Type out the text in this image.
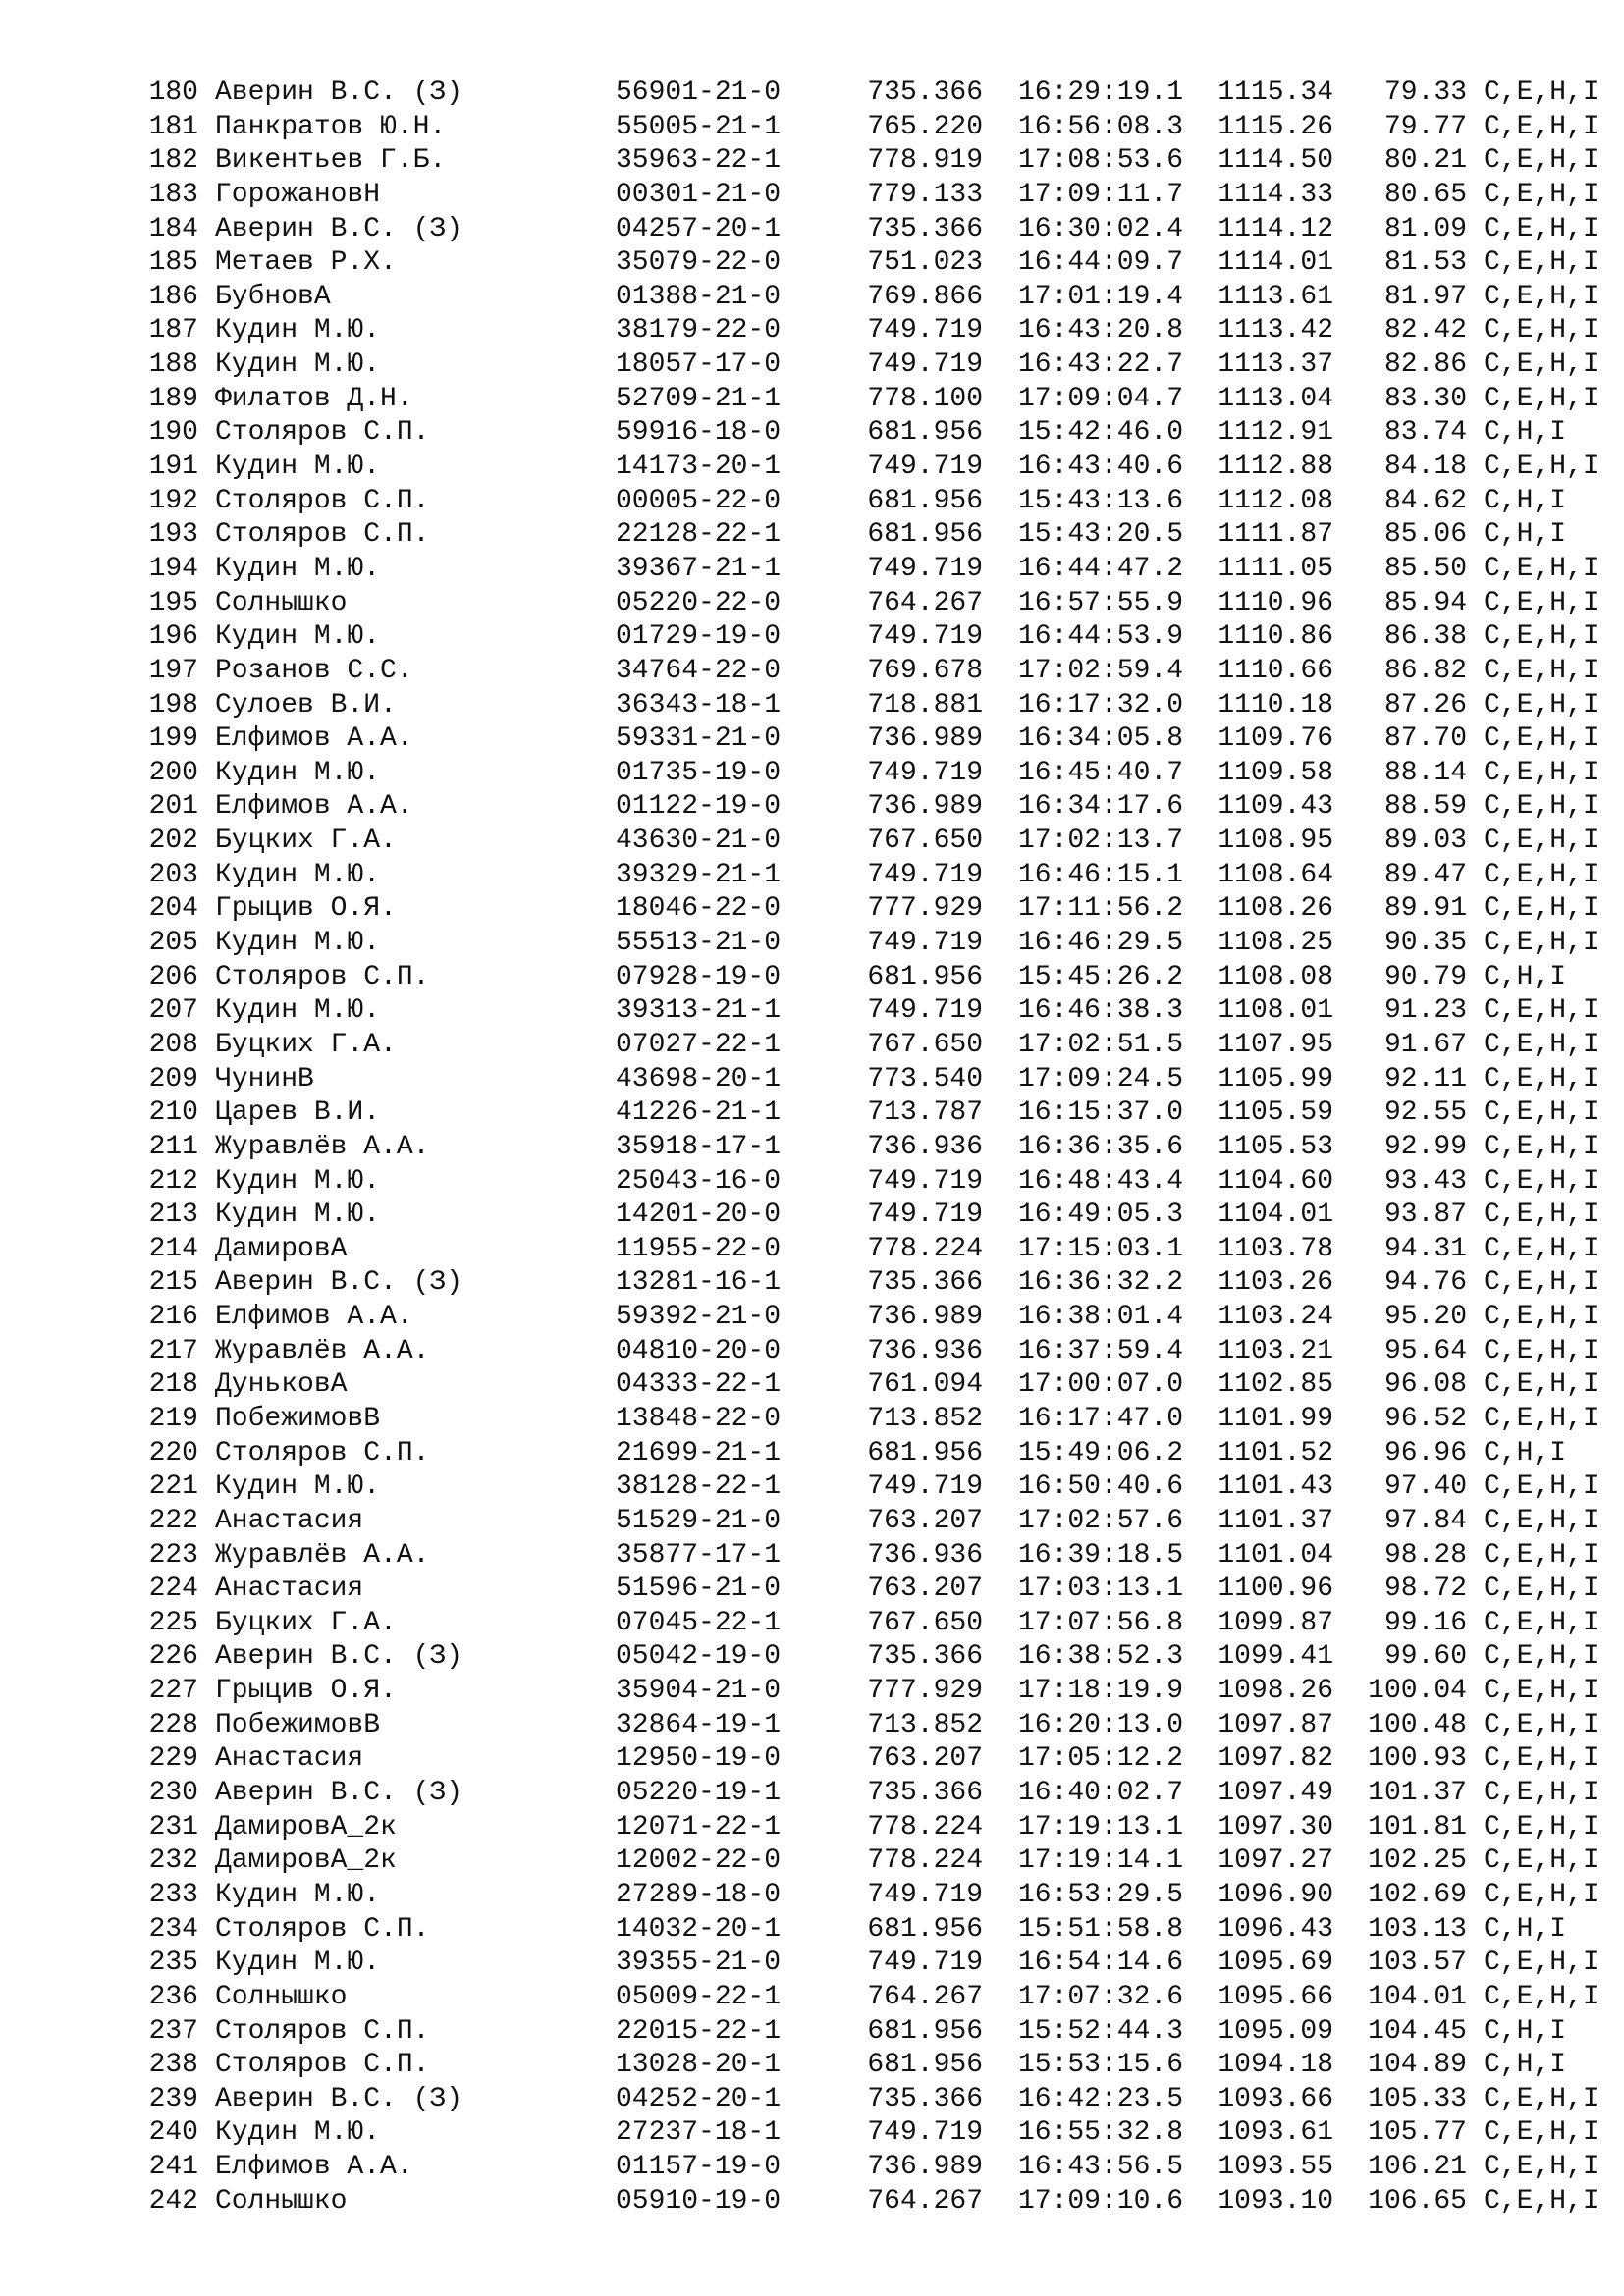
180 Аверин В.С. (З)	56901-21-0	735.366 16:29:19.1 1115.34 79.33 C,E,H,I
181 Панкратов Ю.Н.	55005-21-1	765.220 16:56:08.3 1115.26 79.77 C,E,H,I
182 Викентьев Г.Б.	35963-22-1	778.919 17:08:53.6 1114.50 80.21 C,E,H,I
183 ГорожановН	00301-21-0	779.133 17:09:11.7 1114.33 80.65 C,E,H,I
184 Аверин В.С. (З)	04257-20-1	735.366 16:30:02.4 1114.12 81.09 C,E,H,I
185 Метаев Р.Х.	35079-22-0	751.023 16:44:09.7 1114.01 81.53 C,E,H,I
186 БубновА	01388-21-0	769.866 17:01:19.4 1113.61 81.97 C,E,H,I
187 Кудин М.Ю.	38179-22-0	749.719 16:43:20.8 1113.42 82.42 C,E,H,I
188 Кудин М.Ю.	18057-17-0	749.719 16:43:22.7 1113.37 82.86 C,E,H,I
189 Филатов Д.Н.	52709-21-1	778.100 17:09:04.7 1113.04 83.30 C,E,H,I
190 Столяров С.П.	59916-18-0	681.956 15:42:46.0 1112.91 83.74 C,H,I
191 Кудин М.Ю.	14173-20-1	749.719 16:43:40.6 1112.88 84.18 C,E,H,I
192 Столяров С.П.	00005-22-0	681.956 15:43:13.6 1112.08 84.62 C,H,I
193 Столяров С.П.	22128-22-1	681.956 15:43:20.5 1111.87 85.06 C,H,I
194 Кудин М.Ю.	39367-21-1	749.719 16:44:47.2 1111.05 85.50 C,E,H,I
195 Солнышко	05220-22-0	764.267 16:57:55.9 1110.96 85.94 C,E,H,I
196 Кудин М.Ю.	01729-19-0	749.719 16:44:53.9 1110.86 86.38 C,E,H,I
197 Розанов С.С.	34764-22-0	769.678 17:02:59.4 1110.66 86.82 C,E,H,I
198 Сулоев В.И.	36343-18-1	718.881 16:17:32.0 1110.18 87.26 C,E,H,I
199 Елфимов А.А.	59331-21-0	736.989 16:34:05.8 1109.76 87.70 C,E,H,I
200 Кудин М.Ю.	01735-19-0	749.719 16:45:40.7 1109.58 88.14 C,E,H,I
201 Елфимов А.А.	01122-19-0	736.989 16:34:17.6 1109.43 88.59 C,E,H,I
202 Буцких Г.А.	43630-21-0	767.650 17:02:13.7 1108.95 89.03 C,E,H,I
203 Кудин М.Ю.	39329-21-1	749.719 16:46:15.1 1108.64 89.47 C,E,H,I
204 Грыцив О.Я.	18046-22-0	777.929 17:11:56.2 1108.26 89.91 C,E,H,I
205 Кудин М.Ю.	55513-21-0	749.719 16:46:29.5 1108.25 90.35 C,E,H,I
206 Столяров С.П.	07928-19-0	681.956 15:45:26.2 1108.08 90.79 C,H,I
207 Кудин М.Ю.	39313-21-1	749.719 16:46:38.3 1108.01 91.23 C,E,H,I
208 Буцких Г.А.	07027-22-1	767.650 17:02:51.5 1107.95 91.67 C,E,H,I
209 ЧунинВ	43698-20-1	773.540 17:09:24.5 1105.99 92.11 C,E,H,I
210 Царев В.И.	41226-21-1	713.787 16:15:37.0 1105.59 92.55 C,E,H,I
211 Журавлёв А.А.	35918-17-1	736.936 16:36:35.6 1105.53 92.99 C,E,H,I
212 Кудин М.Ю.	25043-16-0	749.719 16:48:43.4 1104.60 93.43 C,E,H,I
213 Кудин М.Ю.	14201-20-0	749.719 16:49:05.3 1104.01 93.87 C,E,H,I
214 ДамировА	11955-22-0	778.224 17:15:03.1 1103.78 94.31 C,E,H,I
215 Аверин В.С. (З)	13281-16-1	735.366 16:36:32.2 1103.26 94.76 C,E,H,I
216 Елфимов А.А.	59392-21-0	736.989 16:38:01.4 1103.24 95.20 C,E,H,I
217 Журавлёв А.А.	04810-20-0	736.936 16:37:59.4 1103.21 95.64 C,E,H,I
218 ДуньковА	04333-22-1	761.094 17:00:07.0 1102.85 96.08 C,E,H,I
219 ПобежимовВ	13848-22-0	713.852 16:17:47.0 1101.99 96.52 C,E,H,I
220 Столяров С.П.	21699-21-1	681.956 15:49:06.2 1101.52 96.96 C,H,I
221 Кудин М.Ю.	38128-22-1	749.719 16:50:40.6 1101.43 97.40 C,E,H,I
222 Анастасия	51529-21-0	763.207 17:02:57.6 1101.37 97.84 C,E,H,I
223 Журавлёв А.А.	35877-17-1	736.936 16:39:18.5 1101.04 98.28 C,E,H,I
224 Анастасия	51596-21-0	763.207 17:03:13.1 1100.96 98.72 C,E,H,I
225 Буцких Г.А.	07045-22-1	767.650 17:07:56.8 1099.87 99.16 C,E,H,I
226 Аверин В.С. (З)	05042-19-0	735.366 16:38:52.3 1099.41 99.60 C,E,H,I
227 Грыцив О.Я.	35904-21-0	777.929 17:18:19.9 1098.26 100.04 C,E,H,I
228 ПобежимовВ	32864-19-1	713.852 16:20:13.0 1097.87 100.48 C,E,H,I
229 Анастасия	12950-19-0	763.207 17:05:12.2 1097.82 100.93 C,E,H,I
230 Аверин В.С. (З)	05220-19-1	735.366 16:40:02.7 1097.49 101.37 C,E,H,I
231 ДамировА_2к	12071-22-1	778.224 17:19:13.1 1097.30 101.81 C,E,H,I
232 ДамировА_2к	12002-22-0	778.224 17:19:14.1 1097.27 102.25 C,E,H,I
233 Кудин М.Ю.	27289-18-0	749.719 16:53:29.5 1096.90 102.69 C,E,H,I
234 Столяров С.П.	14032-20-1	681.956 15:51:58.8 1096.43 103.13 C,H,I
235 Кудин М.Ю.	39355-21-0	749.719 16:54:14.6 1095.69 103.57 C,E,H,I
236 Солнышко	05009-22-1	764.267 17:07:32.6 1095.66 104.01 C,E,H,I
237 Столяров С.П.	22015-22-1	681.956 15:52:44.3 1095.09 104.45 C,H,I
238 Столяров С.П.	13028-20-1	681.956 15:53:15.6 1094.18 104.89 C,H,I
239 Аверин В.С. (З)	04252-20-1	735.366 16:42:23.5 1093.66 105.33 C,E,H,I
240 Кудин М.Ю.	27237-18-1	749.719 16:55:32.8 1093.61 105.77 C,E,H,I
241 Елфимов А.А.	01157-19-0	736.989 16:43:56.5 1093.55 106.21 C,E,H,I
242 Солнышко	05910-19-0	764.267 17:09:10.6 1093.10 106.65 C,E,H,I
